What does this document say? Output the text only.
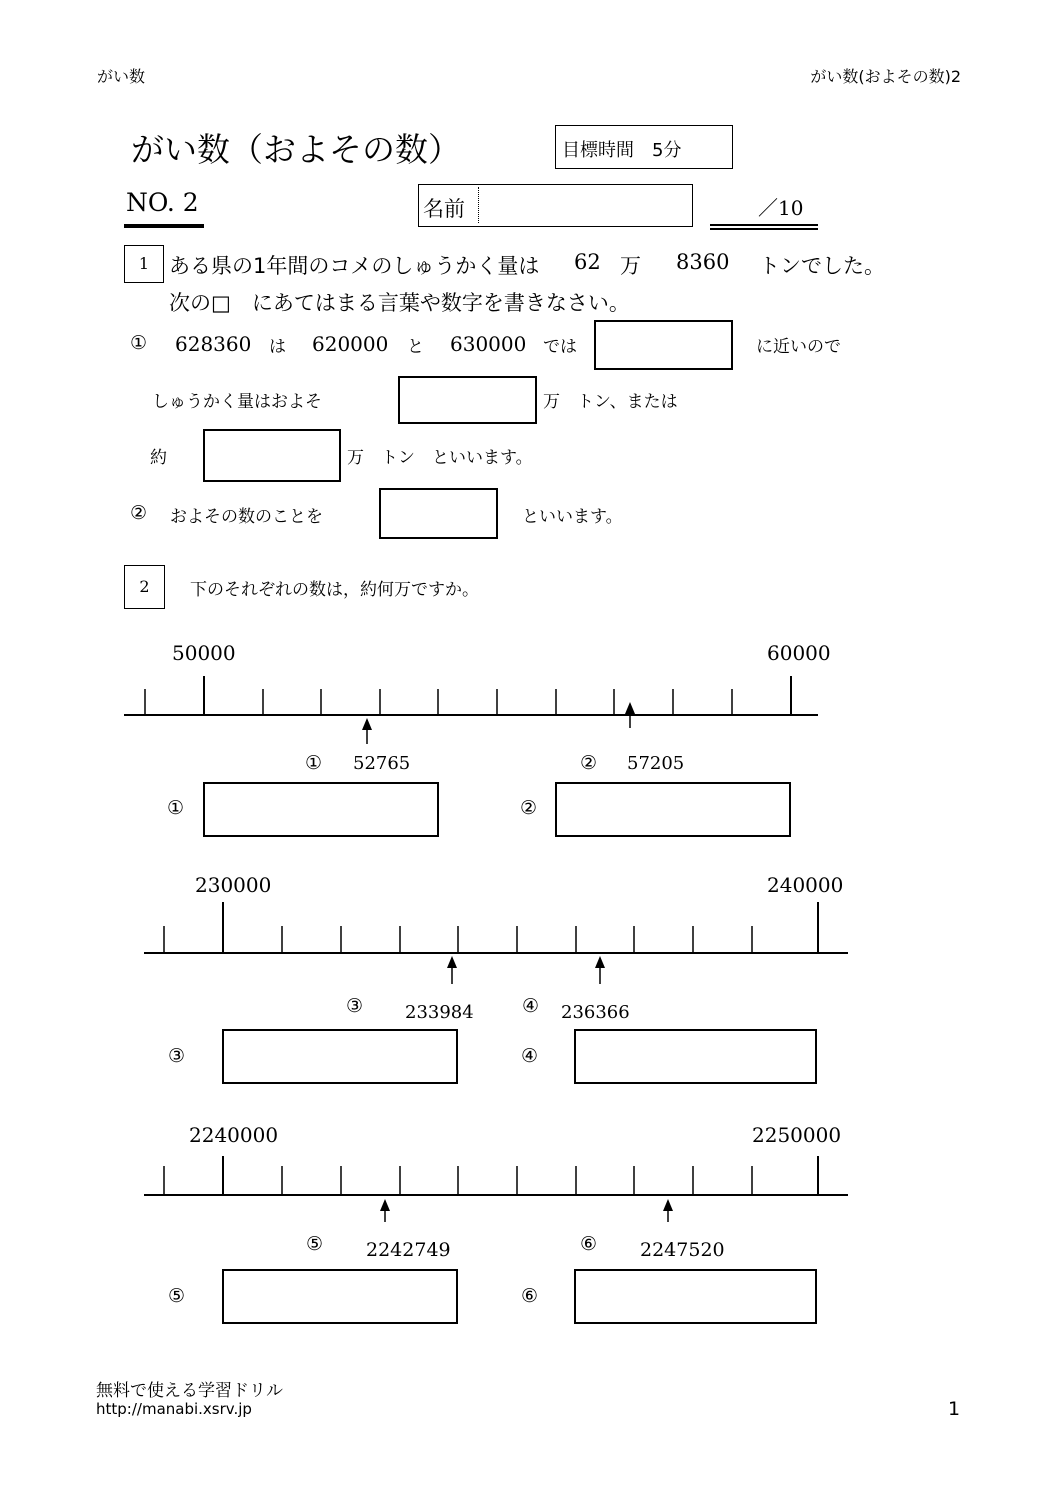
がい数	がい数(およその数)2
がい数（およその数）	目標時間　5分
NO. 2	名前	／10
1 ある県の1年間のコメのしゅうかく量は 62 万 8360 トンでした。
次の□　にあてはまる言葉や数字を書きなさい。
① 628360 は 620000 と 630000 では	に近いので
しゅうかく量はおよそ	万　トン、または
約	万　トン　といいます。
② およその数のことを	といいます。
2	下のそれぞれの数は，約何万ですか。
50000	60000
① 52765	② 57205
①	②
230000	240000
③ 233984	④ 236366
③	④
2240000	2250000
⑤ 2242749	⑥ 2247520
⑤	⑥
無料で使える学習ドリル
http://manabi.xsrv.jp	1
